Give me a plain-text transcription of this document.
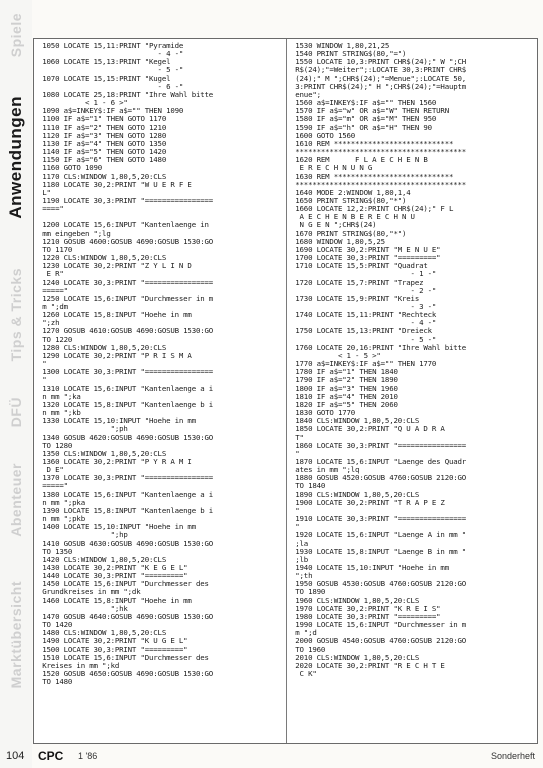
Spiele
Anwendungen
Tips & Tricks
DFÜ
Abenteuer
Marktübersicht
1050 LOCATE 15,11:PRINT "Pyramide
- 4 -"
1060 LOCATE 15,13:PRINT "Kegel
- 5 -"
1070 LOCATE 15,15:PRINT "Kugel
- 6 -"
1080 LOCATE 25,18:PRINT "Ihre Wahl bitte
< 1 - 6 >"
1090 a$=INKEY$:IF a$="" THEN 1090
1100 IF a$="1" THEN GOTO 1170
1110 IF a$="2" THEN GOTO 1210
1120 IF a$="3" THEN GOTO 1280
1130 IF a$="4" THEN GOTO 1350
1140 IF a$="5" THEN GOTO 1420
1150 IF a$="6" THEN GOTO 1480
1160 GOTO 1090
1170 CLS:WINDOW 1,80,5,20:CLS
1180 LOCATE 30,2:PRINT "W U E R F E
L"
1190 LOCATE 30,3:PRINT "================
===="

1200 LOCATE 15,6:INPUT "Kantenlaenge in
mm eingeben ";lg
1210 GOSUB 4600:GOSUB 4690:GOSUB 1530:GO
TO 1170
1220 CLS:WINDOW 1,80,5,20:CLS
1230 LOCATE 30,2:PRINT "Z Y L I N D
E R"
1240 LOCATE 30,3:PRINT "================
====="
1250 LOCATE 15,6:INPUT "Durchmesser in m
m ";dm
1260 LOCATE 15,8:INPUT "Hoehe in mm
";zh
1270 GOSUB 4610:GOSUB 4690:GOSUB 1530:GO
TO 1220
1280 CLS:WINDOW 1,80,5,20:CLS
1290 LOCATE 30,2:PRINT "P R I S M A
"
1300 LOCATE 30,3:PRINT "================
"
1310 LOCATE 15,6:INPUT "Kantenlaenge a i
n mm ";ka
1320 LOCATE 15,8:INPUT "Kantenlaenge b i
n mm ";kb
1330 LOCATE 15,10:INPUT "Hoehe in mm
";ph
1340 GOSUB 4620:GOSUB 4690:GOSUB 1530:GO
TO 1280
1350 CLS:WINDOW 1,80,5,20:CLS
1360 LOCATE 30,2:PRINT "P Y R A M I
D E"
1370 LOCATE 30,3:PRINT "================
====="
1380 LOCATE 15,6:INPUT "Kantenlaenge a i
n mm ";pka
1390 LOCATE 15,8:INPUT "Kantenlaenge b i
n mm ";pkb
1400 LOCATE 15,10:INPUT "Hoehe in mm
";hp
1410 GOSUB 4630:GOSUB 4690:GOSUB 1530:GO
TO 1350
1420 CLS:WINDOW 1,80,5,20:CLS
1430 LOCATE 30,2:PRINT "K E G E L"
1440 LOCATE 30,3:PRINT "========="
1450 LOCATE 15,6:INPUT "Durchmesser des
Grundkreises in mm ";dk
1460 LOCATE 15,8:INPUT "Hoehe in mm
";hk
1470 GOSUB 4640:GOSUB 4690:GOSUB 1530:GO
TO 1420
1480 CLS:WINDOW 1,80,5,20:CLS
1490 LOCATE 30,2:PRINT "K U G E L"
1500 LOCATE 30,3:PRINT "========="
1510 LOCATE 15,6:INPUT "Durchmesser des
Kreises in mm ";kd
1520 GOSUB 4650:GOSUB 4690:GOSUB 1530:GO
TO 1480
1530 WINDOW 1,80,21,25
1540 PRINT STRING$(80,"=")
1550 LOCATE 10,3:PRINT CHR$(24);" W ";CH
R$(24);"=Weiter";:LOCATE 30,3:PRINT CHR$
(24);" M ";CHR$(24);"=Menue";:LOCATE 50,
3:PRINT CHR$(24);" H ";CHR$(24);"=Hauptm
enue";
1560 a$=INKEY$:IF a$="" THEN 1560
1570 IF a$="w" OR a$="W" THEN RETURN
1580 IF a$="m" OR a$="M" THEN 950
1590 IF a$="h" OR a$="H" THEN 90
1600 GOTO 1560
1610 REM ****************************
****************************************
1620 REM      F L A E C H E N B
E R E C H N U N G
1630 REM ****************************
****************************************
1640 MODE 2:WINDOW 1,80,1,4
1650 PRINT STRING$(80,"*")
1660 LOCATE 12,2:PRINT CHR$(24);" F L
A E C H E N B E R E C H N U
N G E N ";CHR$(24)
1670 PRINT STRING$(80,"*")
1680 WINDOW 1,80,5,25
1690 LOCATE 30,2:PRINT "M E N U E"
1700 LOCATE 30,3:PRINT "========="
1710 LOCATE 15,5:PRINT "Quadrat
- 1 -"
1720 LOCATE 15,7:PRINT "Trapez
- 2 -"
1730 LOCATE 15,9:PRINT "Kreis
- 3 -"
1740 LOCATE 15,11:PRINT "Rechteck
- 4 -"
1750 LOCATE 15,13:PRINT "Dreieck
- 5 -"
1760 LOCATE 20,16:PRINT "Ihre Wahl bitte
< 1 - 5 >"
1770 a$=INKEY$:IF a$="" THEN 1770
1780 IF a$="1" THEN 1840
1790 IF a$="2" THEN 1890
1800 IF a$="3" THEN 1960
1810 IF a$="4" THEN 2010
1820 IF a$="5" THEN 2060
1830 GOTO 1770
1840 CLS:WINDOW 1,80,5,20:CLS
1850 LOCATE 30,2:PRINT "Q U A D R A
T"
1860 LOCATE 30,3:PRINT "================
"
1870 LOCATE 15,6:INPUT "Laenge des Quadr
ates in mm ";lq
1880 GOSUB 4520:GOSUB 4760:GOSUB 2120:GO
TO 1840
1890 CLS:WINDOW 1,80,5,20:CLS
1900 LOCATE 30,2:PRINT "T R A P E Z
"
1910 LOCATE 30,3:PRINT "================
"
1920 LOCATE 15,6:INPUT "Laenge A in mm "
;la
1930 LOCATE 15,8:INPUT "Laenge B in mm "
;lb
1940 LOCATE 15,10:INPUT "Hoehe in mm
";th
1950 GOSUB 4530:GOSUB 4760:GOSUB 2120:GO
TO 1890
1960 CLS:WINDOW 1,80,5,20:CLS
1970 LOCATE 30,2:PRINT "K R E I S"
1980 LOCATE 30,3:PRINT "========="
1990 LOCATE 15,6:INPUT "Durchmesser in m
m ";d
2000 GOSUB 4540:GOSUB 4760:GOSUB 2120:GO
TO 1960
2010 CLS:WINDOW 1,80,5,20:CLS
2020 LOCATE 30,2:PRINT "R E C H T E
C K"
104 CPC 1 '86	Sonderheft
